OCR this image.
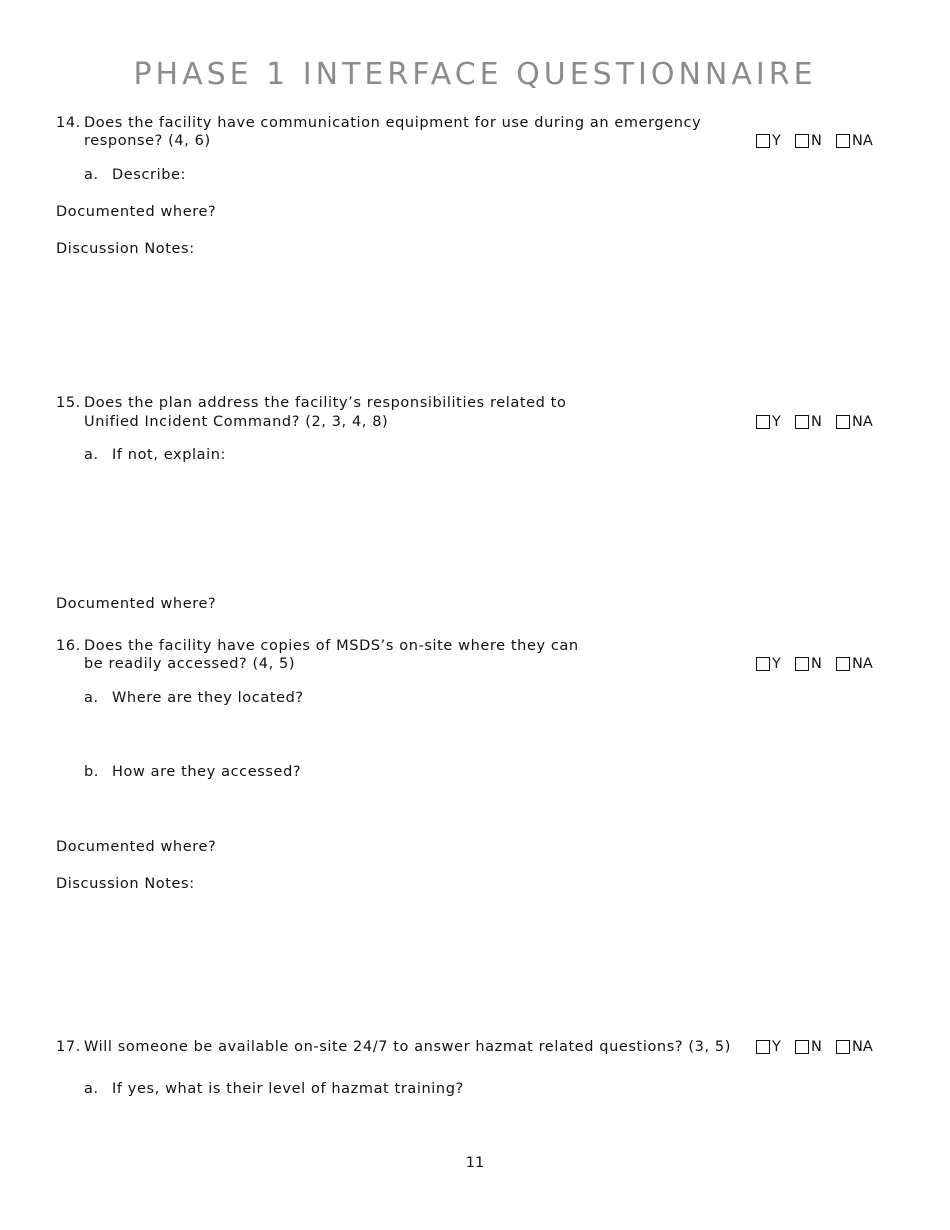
PHASE 1 INTERFACE QUESTIONNAIRE
14. Does the facility have communication equipment for use during an emergency
response? (4, 6)	Y N NA
a. Describe:
Documented where?
Discussion Notes:
15. Does the plan address the facility’s responsibilities related to
Unified Incident Command? (2, 3, 4, 8)	Y N NA
a. If not, explain:
Documented where?
16. Does the facility have copies of MSDS’s on-site where they can
be readily accessed? (4, 5)	Y N NA
a. Where are they located?
b. How are they accessed?
Documented where?
Discussion Notes:
17. Will someone be available on-site 24/7 to answer hazmat related questions? (3, 5)	Y N NA
a. If yes, what is their level of hazmat training?
11
